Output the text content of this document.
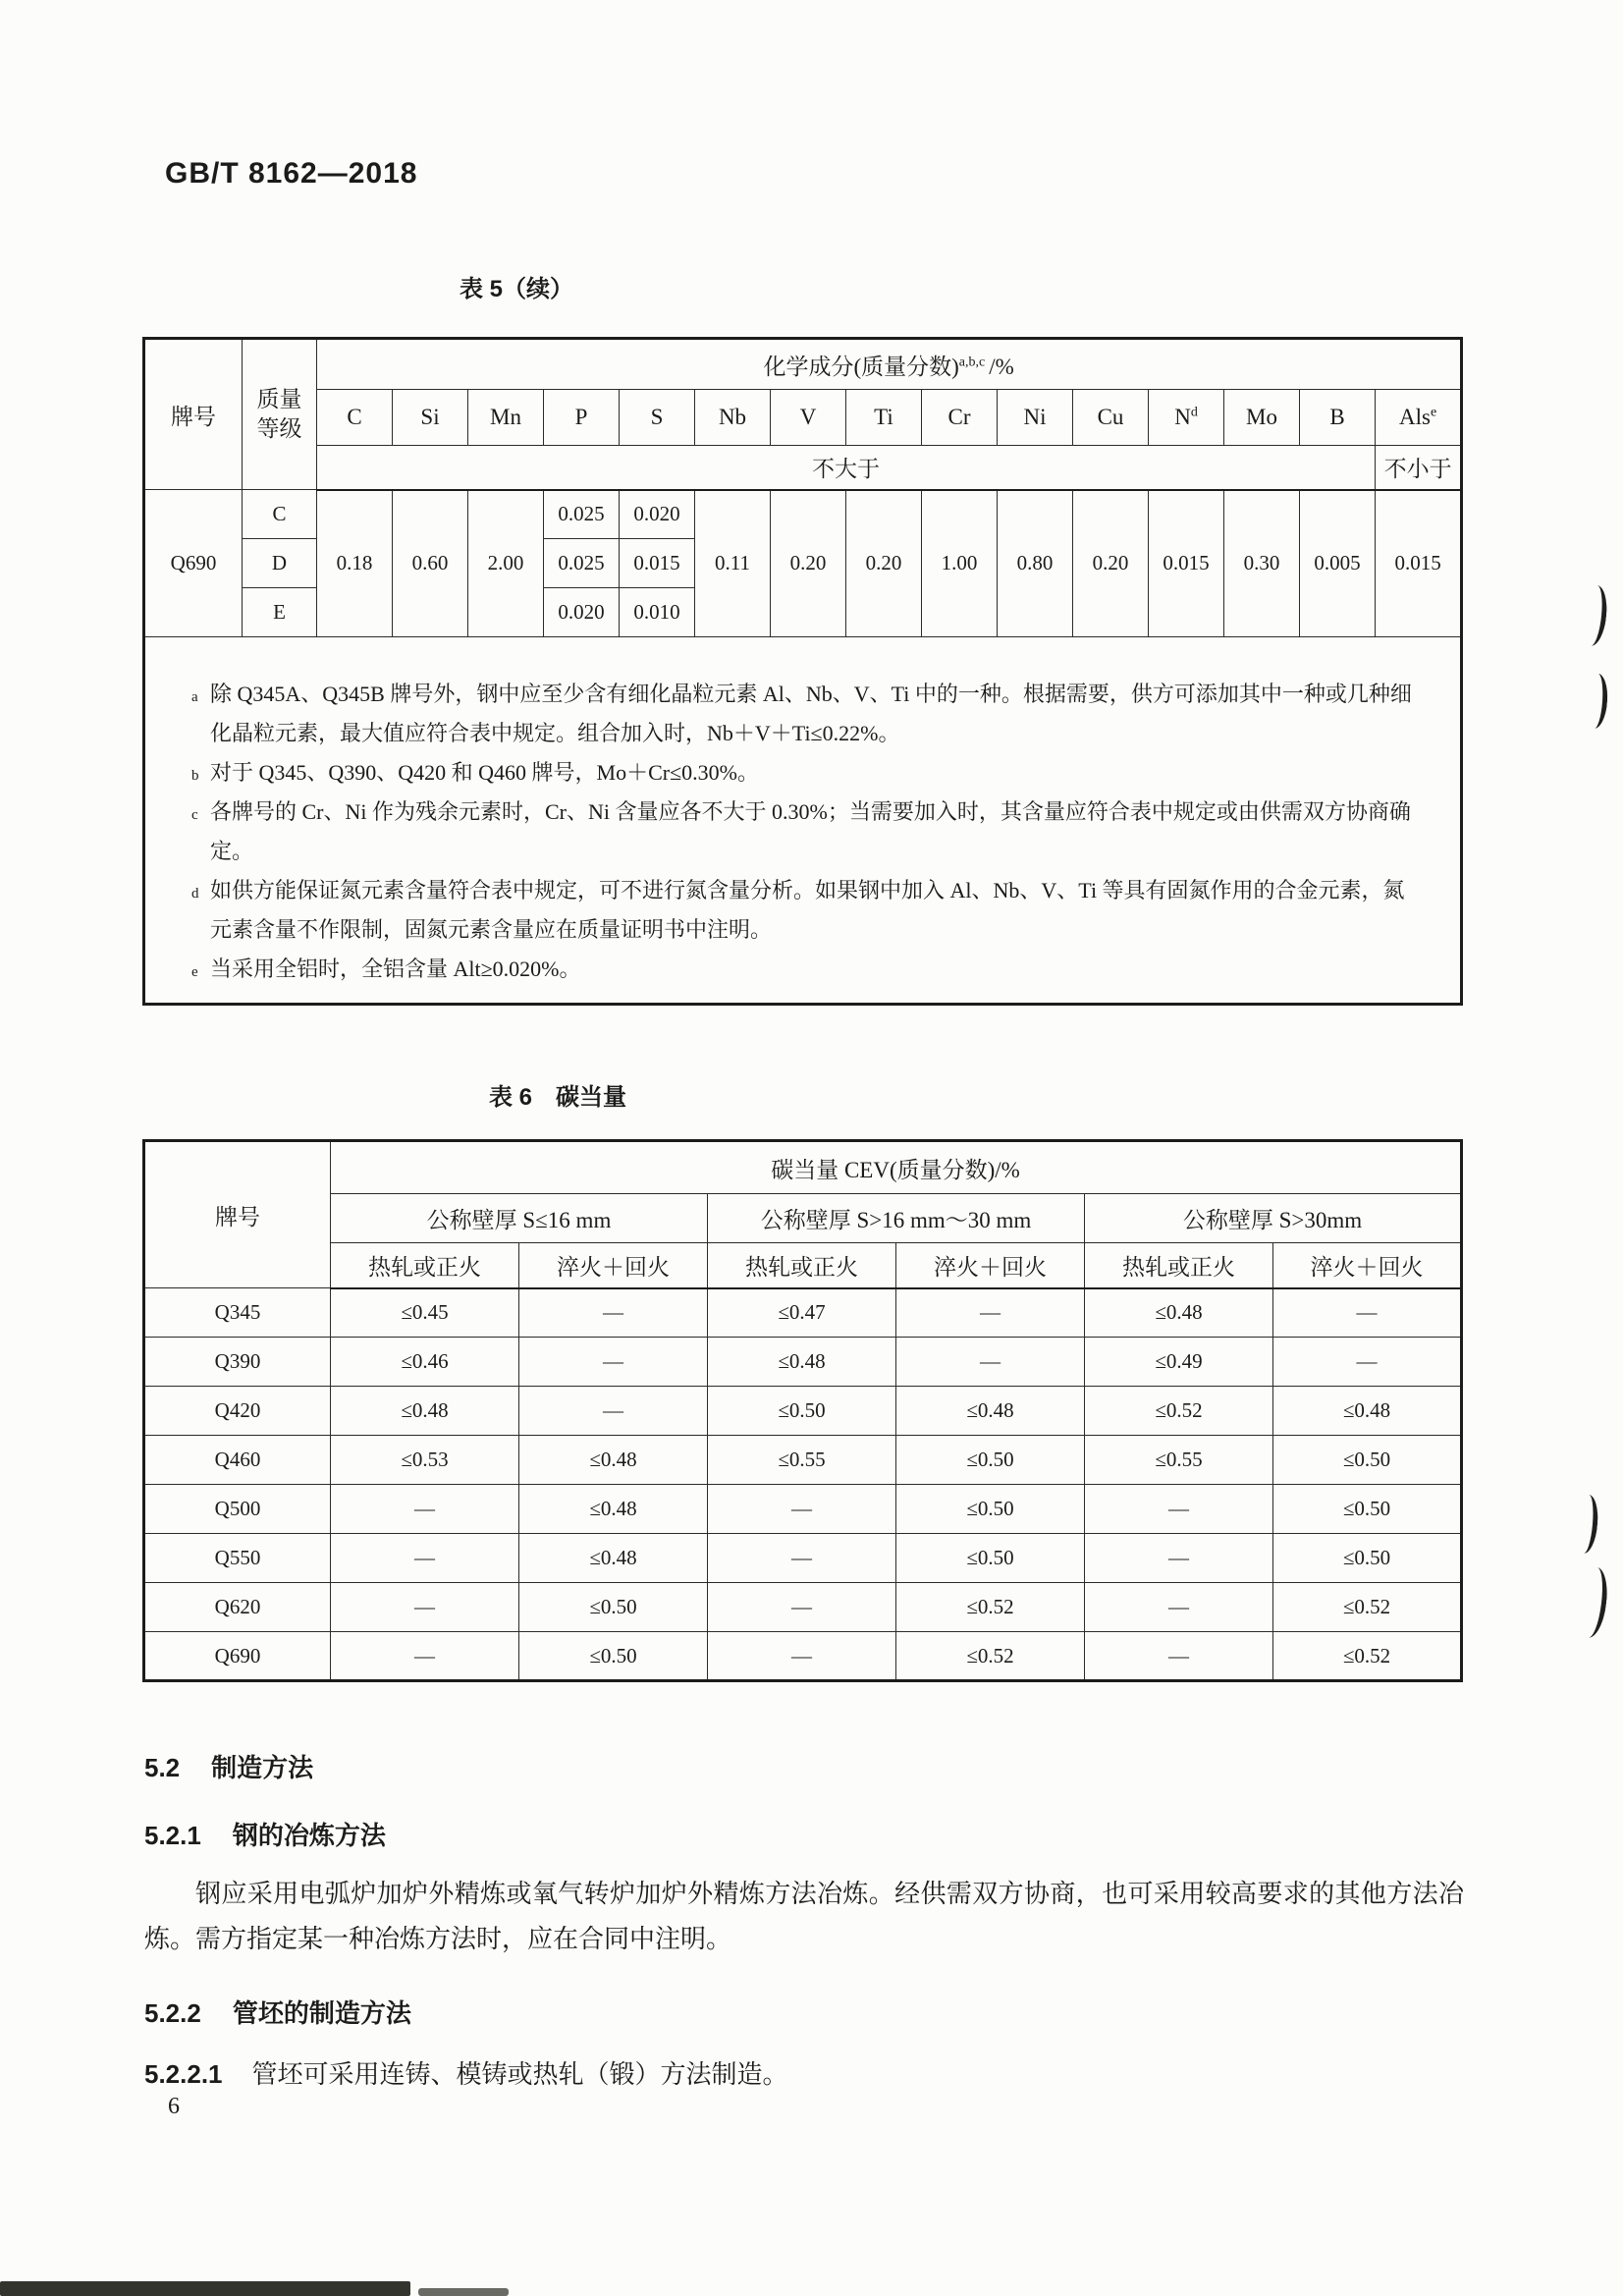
GB/T 8162—2018
表 5（续）
牌号	质量
等级	化学成分(质量分数)$^{a,b,c}$ /%														
		C	Si	Mn	P	S	Nb	V	Ti	Cr	Ni	Cu	$N^d$	Mo	B	Als$^e$
		不大于														不小于
Q690	C	0.18	0.60	2.00	0.025	0.020	0.11	0.20	0.20	1.00	0.80	0.20	0.015	0.30	0.005	0.015
	D				0.025	0.015										
	E				0.020	0.010										

a 除 Q345A、Q345B 牌号外，钢中应至少含有细化晶粒元素 Al、Nb、V、Ti 中的一种。根据需要，供方可添加其中一种或几种细化晶粒元素，最大值应符合表中规定。组合加入时，Nb＋V＋Ti≤0.22%。
b 对于 Q345、Q390、Q420 和 Q460 牌号，Mo＋Cr≤0.30%。
c 各牌号的 Cr、Ni 作为残余元素时，Cr、Ni 含量应各不大于 0.30%；当需要加入时，其含量应符合表中规定或由供需双方协商确定。
d 如供方能保证氮元素含量符合表中规定，可不进行氮含量分析。如果钢中加入 Al、Nb、V、Ti 等具有固氮作用的合金元素，氮元素含量不作限制，固氮元素含量应在质量证明书中注明。
e 当采用全铝时，全铝含量 Alt≥0.020%。
表 6　碳当量
牌号	碳当量 CEV(质量分数)/%					
	公称壁厚 S≤16 mm		公称壁厚 S>16 mm～30 mm		公称壁厚 S>30mm	
	热轧或正火	淬火＋回火	热轧或正火	淬火＋回火	热轧或正火	淬火＋回火
Q345	≤0.45	—	≤0.47	—	≤0.48	—
Q390	≤0.46	—	≤0.48	—	≤0.49	—
Q420	≤0.48	—	≤0.50	≤0.48	≤0.52	≤0.48
Q460	≤0.53	≤0.48	≤0.55	≤0.50	≤0.55	≤0.50
Q500	—	≤0.48	—	≤0.50	—	≤0.50
Q550	—	≤0.48	—	≤0.50	—	≤0.50
Q620	—	≤0.50	—	≤0.52	—	≤0.52
Q690	—	≤0.50	—	≤0.52	—	≤0.52
5.2 制造方法
5.2.1 钢的冶炼方法
钢应采用电弧炉加炉外精炼或氧气转炉加炉外精炼方法冶炼。经供需双方协商，也可采用较高要求的其他方法冶炼。需方指定某一种冶炼方法时，应在合同中注明。
5.2.2 管坯的制造方法
5.2.2.1 管坯可采用连铸、模铸或热轧（锻）方法制造。
6
